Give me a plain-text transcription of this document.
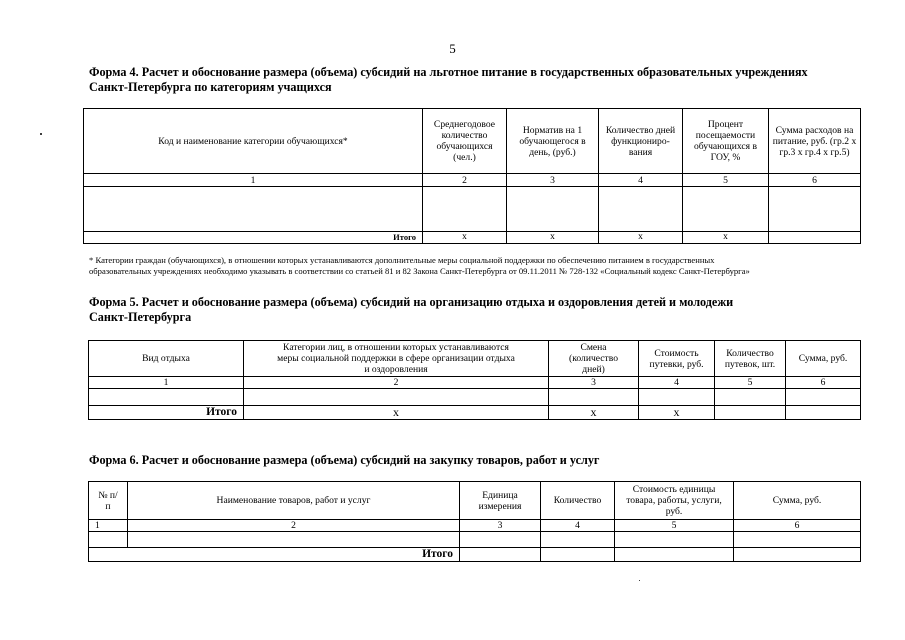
5
Форма 4. Расчет и обоснование размера (объема) субсидий на льготное питание в государственных образовательных учреждениях
Санкт-Петербурга по категориям учащихся
Код и наименование категории обучающихся*	Среднегодовое количество обучающихся (чел.)	Норматив на 1 обучающегося в день, (руб.)	Количество дней функциониро-вания	Процент посещаемости обучающихся в ГОУ, %	Сумма расходов на питание, руб. (гр.2 х гр.3 х гр.4 х гр.5)
1	2	3	4	5	6

Итого	x	x	x	x	
* Категории граждан (обучающихся), в отношении которых устанавливаются дополнительные меры социальной поддержки по обеспечению питанием в государственных
образовательных учреждениях необходимо указывать в соответствии со статьей 81 и 82 Закона Санкт-Петербурга от 09.11.2011 № 728-132 «Социальный кодекс Санкт-Петербурга»
Форма 5. Расчет и обоснование размера (объема) субсидий на организацию отдыха и оздоровления детей и молодежи
Санкт-Петербурга
Вид отдыха	Категории лиц, в отношении которых устанавливаются меры социальной поддержки в сфере организации отдыха и оздоровления	Смена (количество дней)	Стоимость путевки, руб.	Количество путевок, шт.	Сумма, руб.
1	2	3	4	5	6

Итого	x	x	x		
Форма 6. Расчет и обоснование размера (объема) субсидий на закупку товаров, работ и услуг
№ п/п	Наименование товаров, работ и услуг	Единица измерения	Количество	Стоимость единицы товара, работы, услуги, руб.	Сумма, руб.
1	2	3	4	5	6

Итого					
